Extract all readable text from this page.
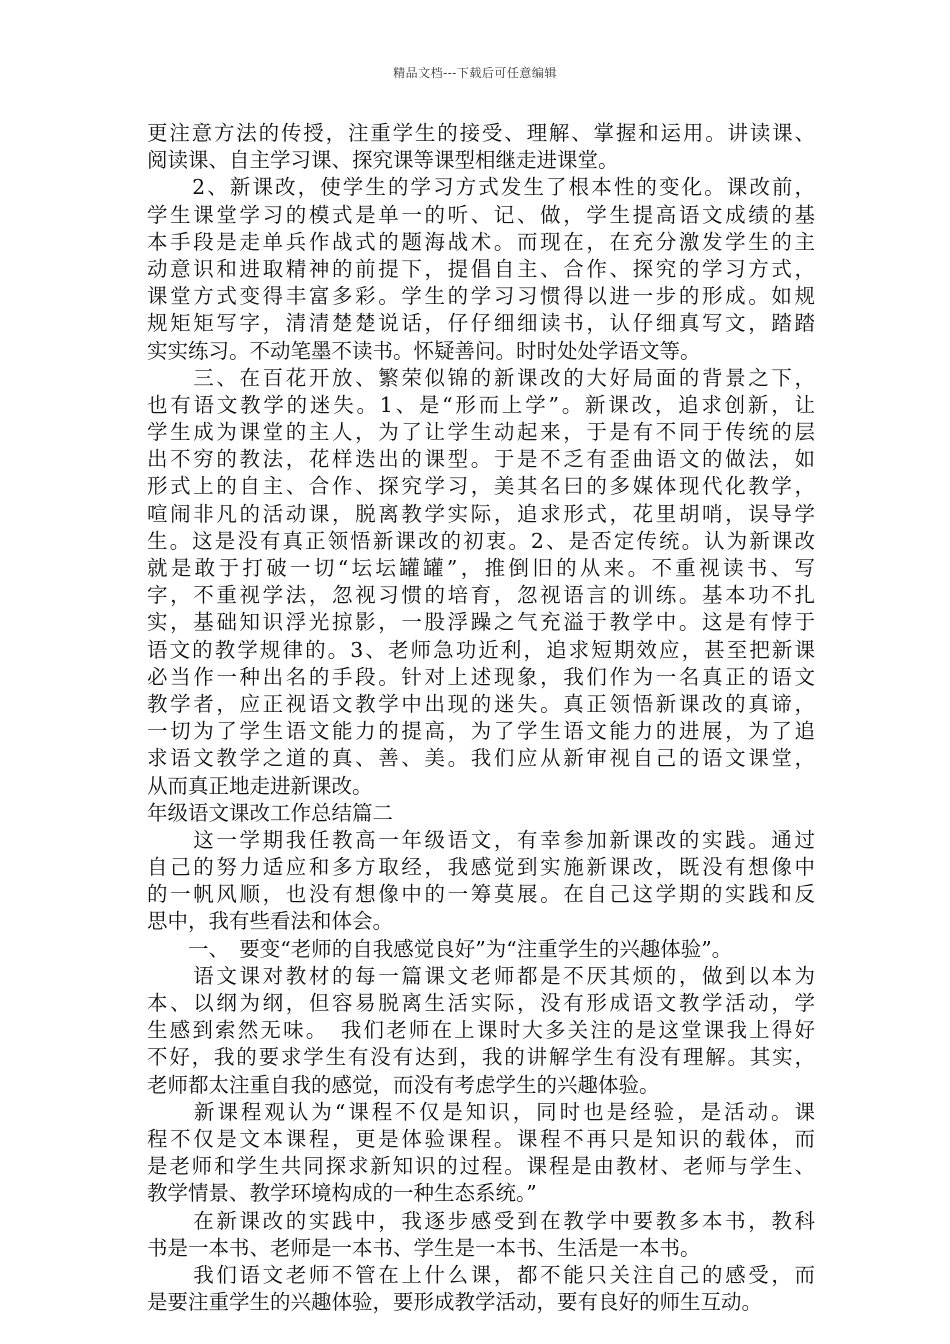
精品文档---下载后可任意编辑
更注意方法的传授，注重学生的接受、理解、掌握和运用。讲读课、
阅读课、自主学习课、探究课等课型相继走进课堂。
　　2、新课改，使学生的学习方式发生了根本性的变化。课改前，
学生课堂学习的模式是单一的听、记、做，学生提高语文成绩的基
本手段是走单兵作战式的题海战术。而现在，在充分激发学生的主
动意识和进取精神的前提下，提倡自主、合作、探究的学习方式，
课堂方式变得丰富多彩。学生的学习习惯得以进一步的形成。如规
规矩矩写字，清清楚楚说话，仔仔细细读书，认仔细真写文，踏踏
实实练习。不动笔墨不读书。怀疑善问。时时处处学语文等。
　　三、在百花开放、繁荣似锦的新课改的大好局面的背景之下，
也有语文教学的迷失。1、是“形而上学”。新课改，追求创新，让
学生成为课堂的主人，为了让学生动起来，于是有不同于传统的层
出不穷的教法，花样迭出的课型。于是不乏有歪曲语文的做法，如
形式上的自主、合作、探究学习，美其名曰的多媒体现代化教学，
喧闹非凡的活动课，脱离教学实际，追求形式，花里胡哨，误导学
生。这是没有真正领悟新课改的初衷。2、是否定传统。认为新课改
就是敢于打破一切“坛坛罐罐”，推倒旧的从来。不重视读书、写
字，不重视学法，忽视习惯的培育，忽视语言的训练。基本功不扎
实，基础知识浮光掠影，一股浮躁之气充溢于教学中。这是有悖于
语文的教学规律的。3、老师急功近利，追求短期效应，甚至把新课
必当作一种出名的手段。针对上述现象，我们作为一名真正的语文
教学者，应正视语文教学中出现的迷失。真正领悟新课改的真谛，
一切为了学生语文能力的提高，为了学生语文能力的进展，为了追
求语文教学之道的真、善、美。我们应从新审视自己的语文课堂，
从而真正地走进新课改。
年级语文课改工作总结篇二
　　这一学期我任教高一年级语文，有幸参加新课改的实践。通过
自己的努力适应和多方取经，我感觉到实施新课改，既没有想像中
的一帆风顺，也没有想像中的一筹莫展。在自己这学期的实践和反
思中，我有些看法和体会。
　　一、　要变“老师的自我感觉良好”为“注重学生的兴趣体验”。
　　语文课对教材的每一篇课文老师都是不厌其烦的，做到以本为
本、以纲为纲，但容易脱离生活实际，没有形成语文教学活动，学
生感到索然无味。　我们老师在上课时大多关注的是这堂课我上得好
不好，我的要求学生有没有达到，我的讲解学生有没有理解。其实，
老师都太注重自我的感觉，而没有考虑学生的兴趣体验。
　　新课程观认为“课程不仅是知识，同时也是经验，是活动。课
程不仅是文本课程，更是体验课程。课程不再只是知识的载体，而
是老师和学生共同探求新知识的过程。课程是由教材、老师与学生、
教学情景、教学环境构成的一种生态系统。”
　　在新课改的实践中，我逐步感受到在教学中要教多本书，教科
书是一本书、老师是一本书、学生是一本书、生活是一本书。
　　我们语文老师不管在上什么课，都不能只关注自己的感受，而
是要注重学生的兴趣体验，要形成教学活动，要有良好的师生互动。
